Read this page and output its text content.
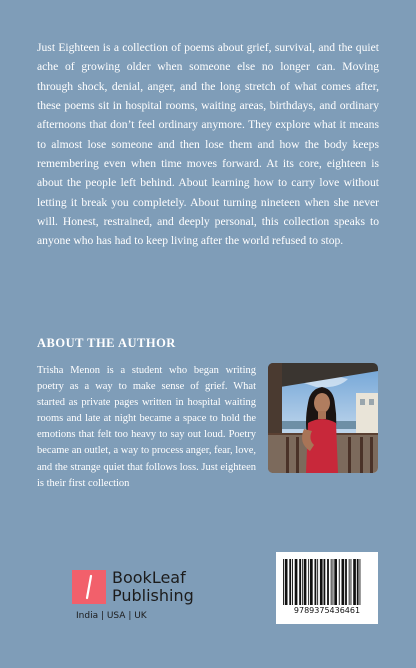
Just Eighteen is a collection of poems about grief, survival, and the quiet ache of growing older when someone else no longer can. Moving through shock, denial, anger, and the long stretch of what comes after, these poems sit in hospital rooms, waiting areas, birthdays, and ordinary afternoons that don’t feel ordinary anymore. They explore what it means to almost lose someone and then lose them and how the body keeps remembering even when time moves forward. At its core, eighteen is about the people left behind. About learning how to carry love without letting it break you completely. About turning nineteen when she never will. Honest, restrained, and deeply personal, this collection speaks to anyone who has had to keep living after the world refused to stop.

ABOUT THE AUTHOR

Trisha Menon is a student who began writing poetry as a way to make sense of grief. What started as private pages written in hospital waiting rooms and late at night became a space to hold the emotions that felt too heavy to say out loud. Poetry became an outlet, a way to process anger, fear, love, and the strange quiet that follows loss. Just eighteen is their first collection

BookLeaf
Publishing
India | USA | UK
9789375436461
